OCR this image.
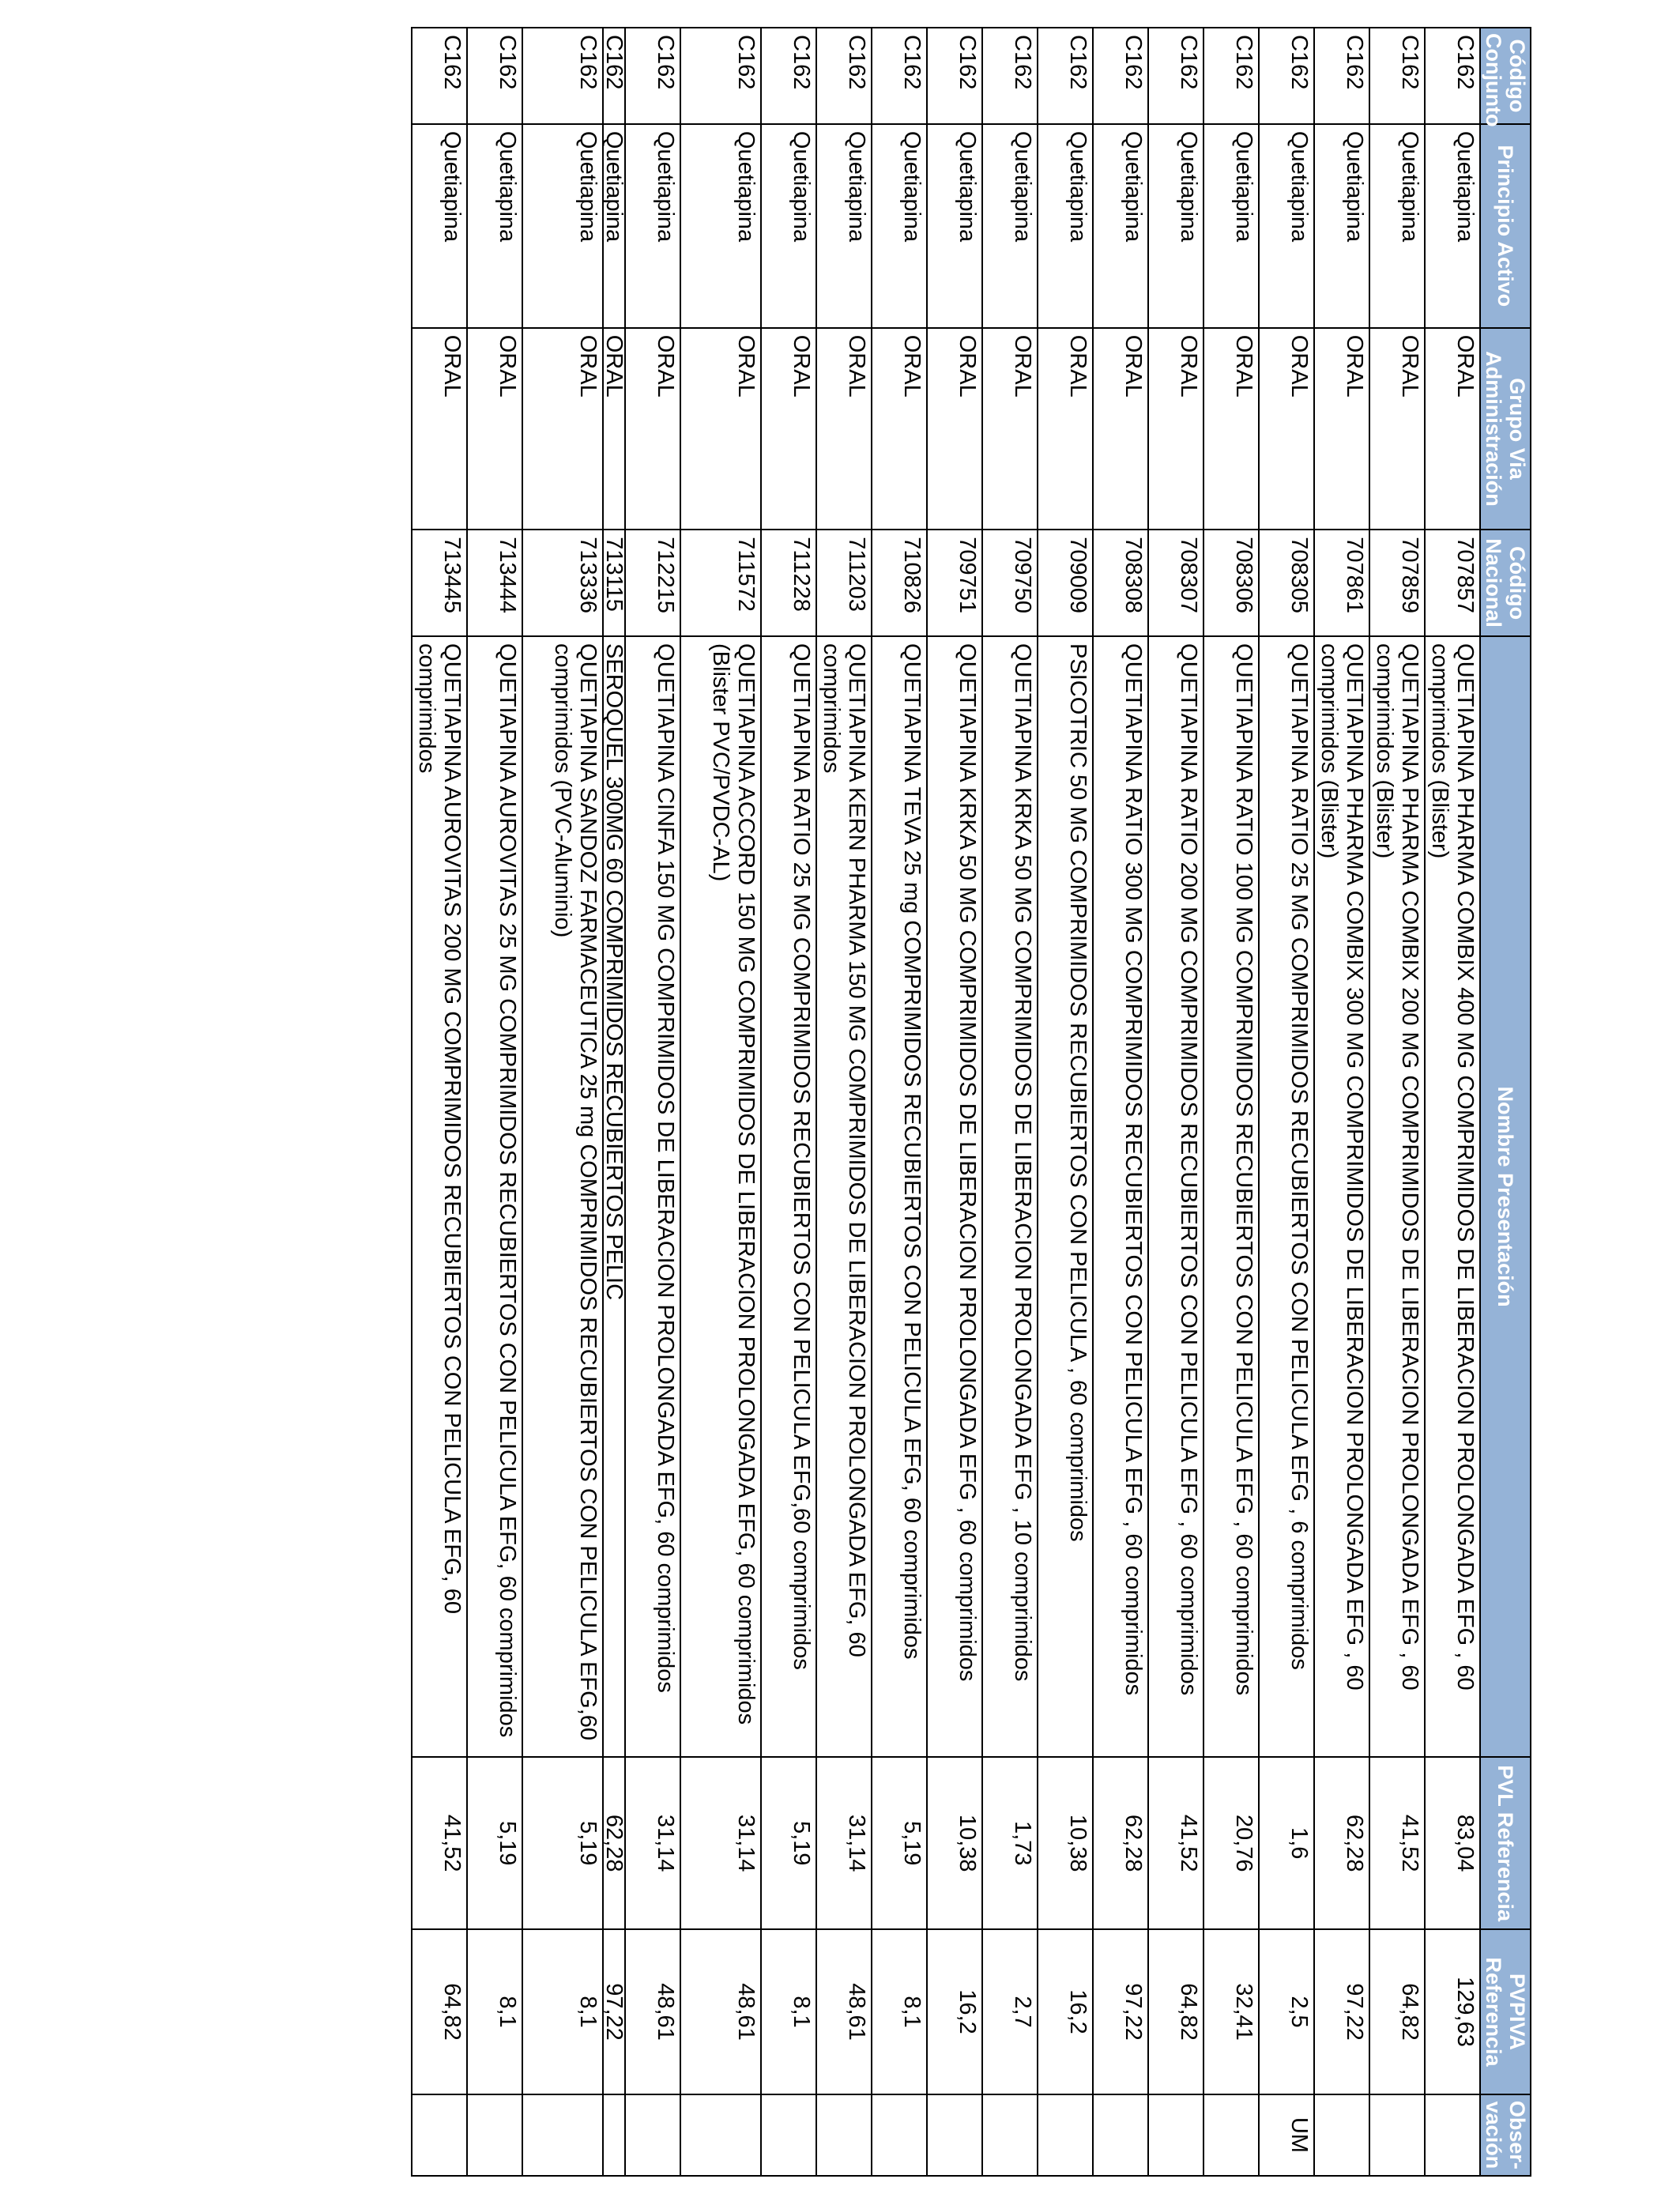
Código Conjunto	Principio Activo	Grupo Via Administración	Código Nacional	Nombre Presentación	PVL Referencia	PVPIVA Referencia	Obser-vación
C162	Quetiapina	ORAL	707857	QUETIAPINA PHARMA COMBIX 400 MG COMPRIMIDOS DE LIBERACION PROLONGADA EFG , 60 comprimidos (Blister)	83,04	129,63	
C162	Quetiapina	ORAL	707859	QUETIAPINA PHARMA COMBIX 200 MG COMPRIMIDOS DE LIBERACION PROLONGADA EFG , 60 comprimidos (Blister)	41,52	64,82	
C162	Quetiapina	ORAL	707861	QUETIAPINA PHARMA COMBIX 300 MG COMPRIMIDOS DE LIBERACION PROLONGADA EFG , 60 comprimidos (Blister)	62,28	97,22	
C162	Quetiapina	ORAL	708305	QUETIAPINA RATIO 25 MG COMPRIMIDOS RECUBIERTOS CON PELICULA EFG , 6 comprimidos	1,6	2,5	UM
C162	Quetiapina	ORAL	708306	QUETIAPINA RATIO 100 MG COMPRIMIDOS RECUBIERTOS CON PELICULA EFG , 60 comprimidos	20,76	32,41	
C162	Quetiapina	ORAL	708307	QUETIAPINA RATIO 200 MG COMPRIMIDOS RECUBIERTOS CON PELICULA EFG , 60 comprimidos	41,52	64,82	
C162	Quetiapina	ORAL	708308	QUETIAPINA RATIO 300 MG COMPRIMIDOS RECUBIERTOS CON PELICULA EFG , 60 comprimidos	62,28	97,22	
C162	Quetiapina	ORAL	709009	PSICOTRIC 50 MG COMPRIMIDOS RECUBIERTOS CON PELICULA , 60 comprimidos	10,38	16,2	
C162	Quetiapina	ORAL	709750	QUETIAPINA KRKA 50 MG COMPRIMIDOS DE LIBERACION PROLONGADA EFG , 10 comprimidos	1,73	2,7	
C162	Quetiapina	ORAL	709751	QUETIAPINA KRKA 50 MG COMPRIMIDOS DE LIBERACION PROLONGADA EFG , 60 comprimidos	10,38	16,2	
C162	Quetiapina	ORAL	710826	QUETIAPINA TEVA 25 mg COMPRIMIDOS RECUBIERTOS CON PELICULA EFG, 60 comprimidos	5,19	8,1	
C162	Quetiapina	ORAL	711203	QUETIAPINA KERN PHARMA 150 MG COMPRIMIDOS DE LIBERACION PROLONGADA EFG, 60 comprimidos	31,14	48,61	
C162	Quetiapina	ORAL	711228	QUETIAPINA RATIO 25 MG COMPRIMIDOS RECUBIERTOS CON PELICULA EFG,60 comprimidos	5,19	8,1	
C162	Quetiapina	ORAL	711572	QUETIAPINA ACCORD 150 MG COMPRIMIDOS DE LIBERACION PROLONGADA EFG, 60 comprimidos (Blister PVC/PVDC-AL)	31,14	48,61	
C162	Quetiapina	ORAL	712215	QUETIAPINA CINFA 150 MG COMPRIMIDOS DE LIBERACION PROLONGADA EFG, 60 comprimidos	31,14	48,61	
C162	Quetiapina	ORAL	713115	SEROQUEL 300MG 60 COMPRIMIDOS RECUBIERTOS PELIC	62,28	97,22	
C162	Quetiapina	ORAL	713336	QUETIAPINA SANDOZ FARMACEUTICA 25 mg COMPRIMIDOS RECUBIERTOS CON PELICULA EFG,60 comprimidos (PVC-Aluminio)	5,19	8,1	
C162	Quetiapina	ORAL	713444	QUETIAPINA AUROVITAS 25 MG COMPRIMIDOS RECUBIERTOS CON PELICULA EFG, 60 comprimidos	5,19	8,1	
C162	Quetiapina	ORAL	713445	QUETIAPINA AUROVITAS 200 MG COMPRIMIDOS RECUBIERTOS CON PELICULA EFG, 60 comprimidos	41,52	64,82	
